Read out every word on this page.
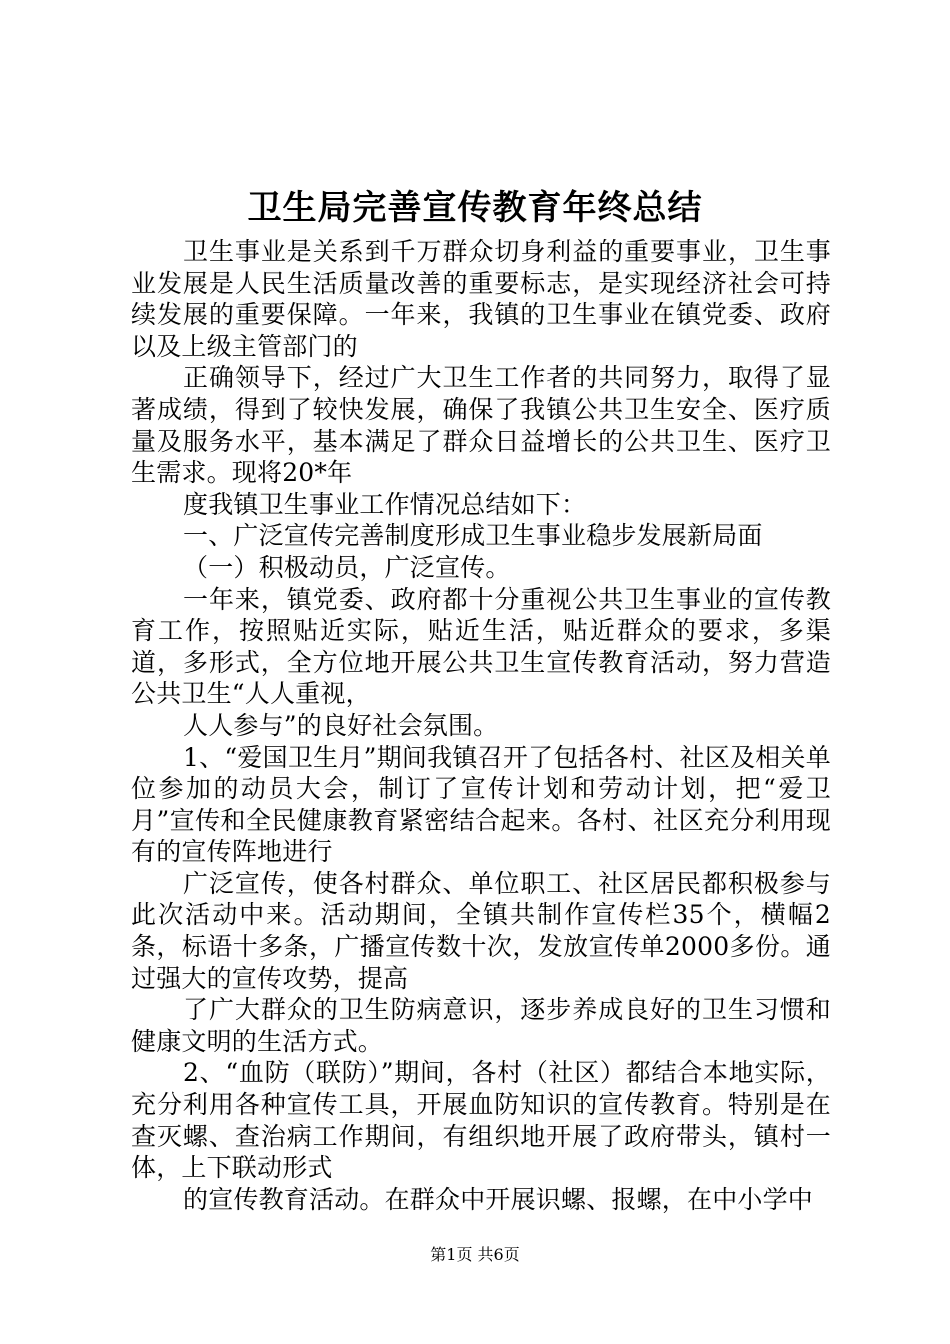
卫生局完善宣传教育年终总结

卫生事业是关系到千万群众切身利益的重要事业，卫生事业发展是人民生活质量改善的重要标志，是实现经济社会可持续发展的重要保障。一年来，我镇的卫生事业在镇党委、政府以及上级主管部门的

正确领导下，经过广大卫生工作者的共同努力，取得了显著成绩，得到了较快发展，确保了我镇公共卫生安全、医疗质量及服务水平，基本满足了群众日益增长的公共卫生、医疗卫生需求。现将20*年

度我镇卫生事业工作情况总结如下：

一、广泛宣传完善制度形成卫生事业稳步发展新局面

（一）积极动员，广泛宣传。

一年来，镇党委、政府都十分重视公共卫生事业的宣传教育工作，按照贴近实际，贴近生活，贴近群众的要求，多渠道，多形式，全方位地开展公共卫生宣传教育活动，努力营造公共卫生“人人重视，

人人参与”的良好社会氛围。

1、“爱国卫生月”期间我镇召开了包括各村、社区及相关单位参加的动员大会，制订了宣传计划和劳动计划，把“爱卫月”宣传和全民健康教育紧密结合起来。各村、社区充分利用现有的宣传阵地进行

广泛宣传，使各村群众、单位职工、社区居民都积极参与此次活动中来。活动期间，全镇共制作宣传栏35个，横幅2条，标语十多条，广播宣传数十次，发放宣传单2000多份。通过强大的宣传攻势，提高

了广大群众的卫生防病意识，逐步养成良好的卫生习惯和健康文明的生活方式。

2、“血防（联防）”期间，各村（社区）都结合本地实际，充分利用各种宣传工具，开展血防知识的宣传教育。特别是在查灭螺、查治病工作期间，有组织地开展了政府带头，镇村一体，上下联动形式

的宣传教育活动。在群众中开展识螺、报螺，在中小学中

第1页 共6页
